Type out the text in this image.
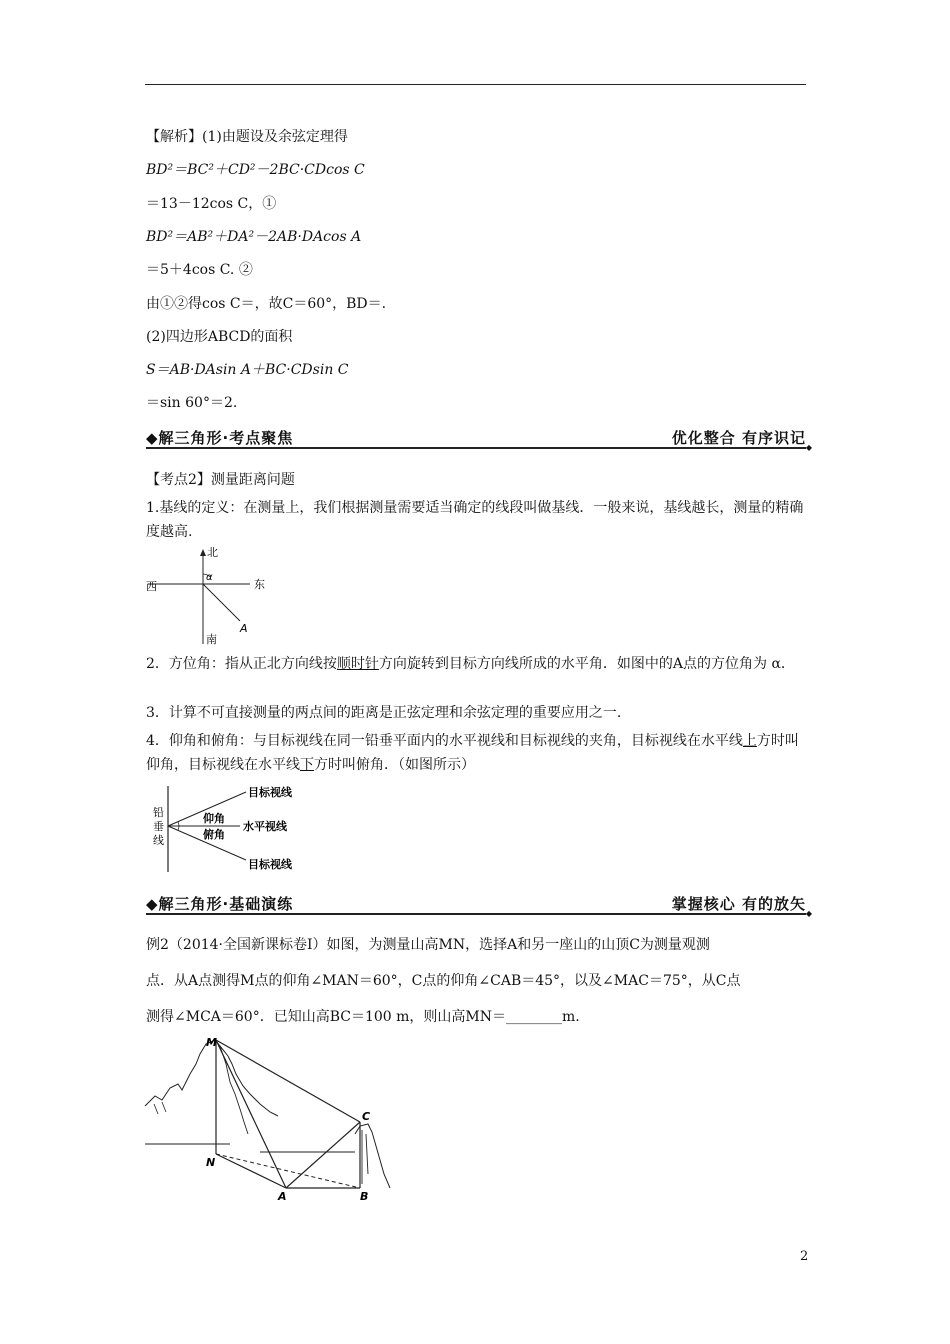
【解析】(1)由题设及余弦定理得
BD²＝BC²＋CD²－2BC·CDcos C
＝13－12cos C，①
BD²＝AB²＋DA²－2AB·DAcos A
＝5＋4cos C. ②
由①②得cos C＝，故C＝60°，BD＝.
(2)四边形ABCD的面积
S＝AB·DAsin A＋BC·CDsin C
＝sin 60°＝2.
◆解三角形·考点聚焦	优化整合 有序识记
◆
【考点2】测量距离问题
1.基线的定义：在测量上，我们根据测量需要适当确定的线段叫做基线．一般来说，基线越长，测量的精确度越高.
北
南
东
西
α
A
2．方位角：指从正北方向线按顺时针方向旋转到目标方向线所成的水平角．如图中的A点的方位角为 α．
3．计算不可直接测量的两点间的距离是正弦定理和余弦定理的重要应用之一.
4．仰角和俯角：与目标视线在同一铅垂平面内的水平视线和目标视线的夹角，目标视线在水平线上方时叫仰角，目标视线在水平线下方时叫俯角．（如图所示）
铅
垂
线
目标视线
水平视线
目标视线
仰角
俯角
◆解三角形·基础演练	掌握核心 有的放矢
◆
例2（2014·全国新课标卷Ⅰ）如图，为测量山高MN，选择A和另一座山的山顶C为测量观测
点．从A点测得M点的仰角∠MAN＝60°，C点的仰角∠CAB＝45°，以及∠MAC＝75°，从C点
测得∠MCA＝60°．已知山高BC＝100 m，则山高MN＝________m.
M
N
A	B
C
2
